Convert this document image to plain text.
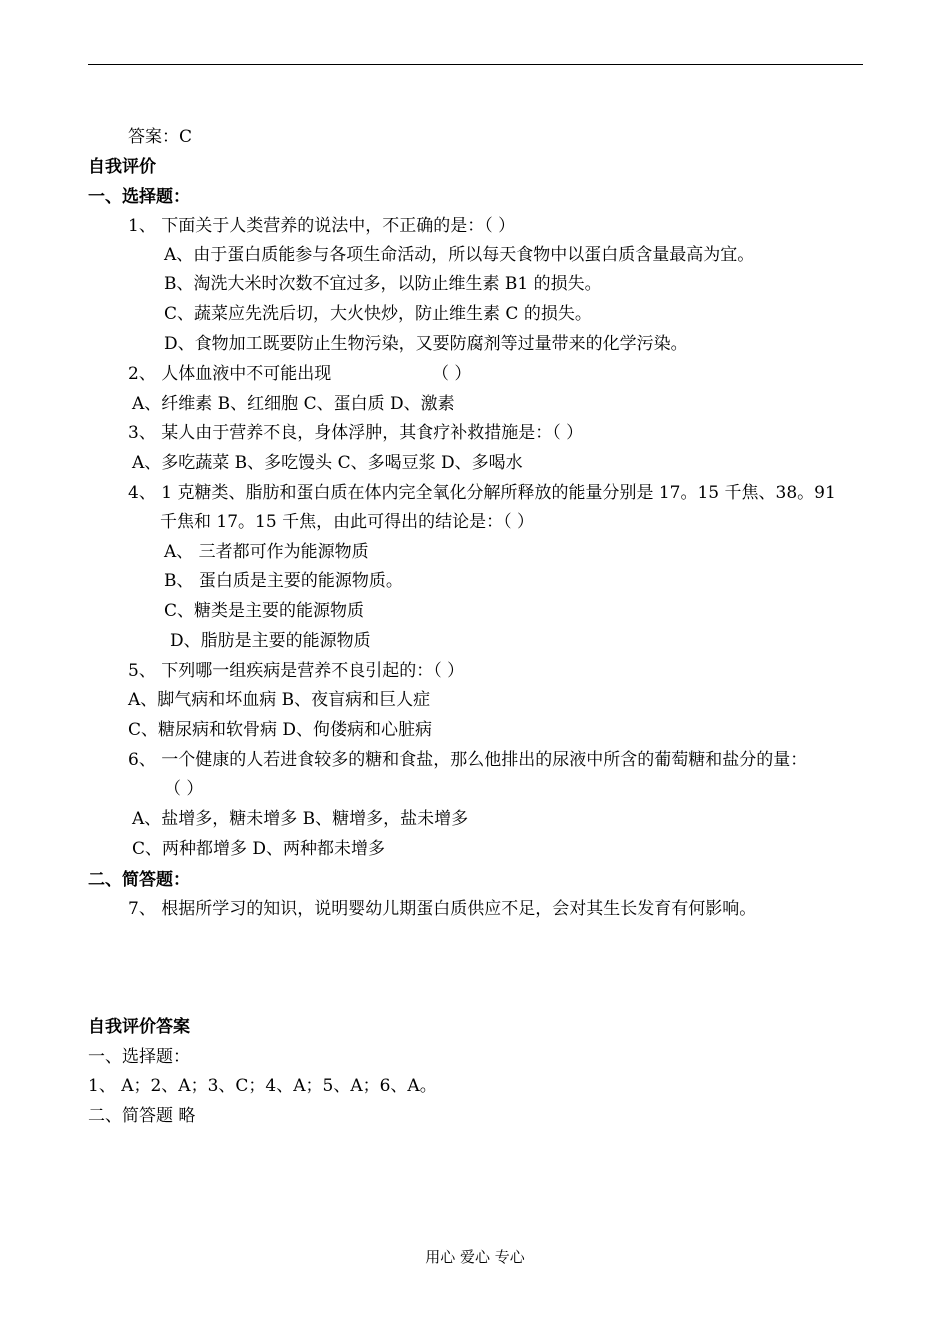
答案：C
自我评价
一、选择题：
1、 下面关于人类营养的说法中，不正确的是：（ ）
A、由于蛋白质能参与各项生命活动，所以每天食物中以蛋白质含量最高为宜。
B、淘洗大米时次数不宜过多，以防止维生素 B1 的损失。
C、蔬菜应先洗后切，大火快炒，防止维生素 C 的损失。
D、食物加工既要防止生物污染，又要防腐剂等过量带来的化学污染。
2、 人体血液中不可能出现	（ ）
A、纤维素 B、红细胞 C、蛋白质 D、激素
3、 某人由于营养不良，身体浮肿，其食疗补救措施是：（ ）
A、多吃蔬菜 B、多吃馒头 C、多喝豆浆 D、多喝水
4、 1 克糖类、脂肪和蛋白质在体内完全氧化分解所释放的能量分别是 17。15 千焦、38。91
千焦和 17。15 千焦，由此可得出的结论是：（ ）
A、 三者都可作为能源物质
B、 蛋白质是主要的能源物质。
C、糖类是主要的能源物质
D、脂肪是主要的能源物质
5、 下列哪一组疾病是营养不良引起的：（ ）
A、脚气病和坏血病 B、夜盲病和巨人症
C、糖尿病和软骨病 D、佝偻病和心脏病
6、 一个健康的人若进食较多的糖和食盐，那么他排出的尿液中所含的葡萄糖和盐分的量：
（ ）
A、盐增多，糖未增多 B、糖增多，盐未增多
C、两种都增多 D、两种都未增多
二、简答题：
7、 根据所学习的知识，说明婴幼儿期蛋白质供应不足，会对其生长发育有何影响。
自我评价答案
一、选择题：
1、 A；2、A；3、C；4、A；5、A；6、A。
二、简答题 略
用心 爱心 专心
